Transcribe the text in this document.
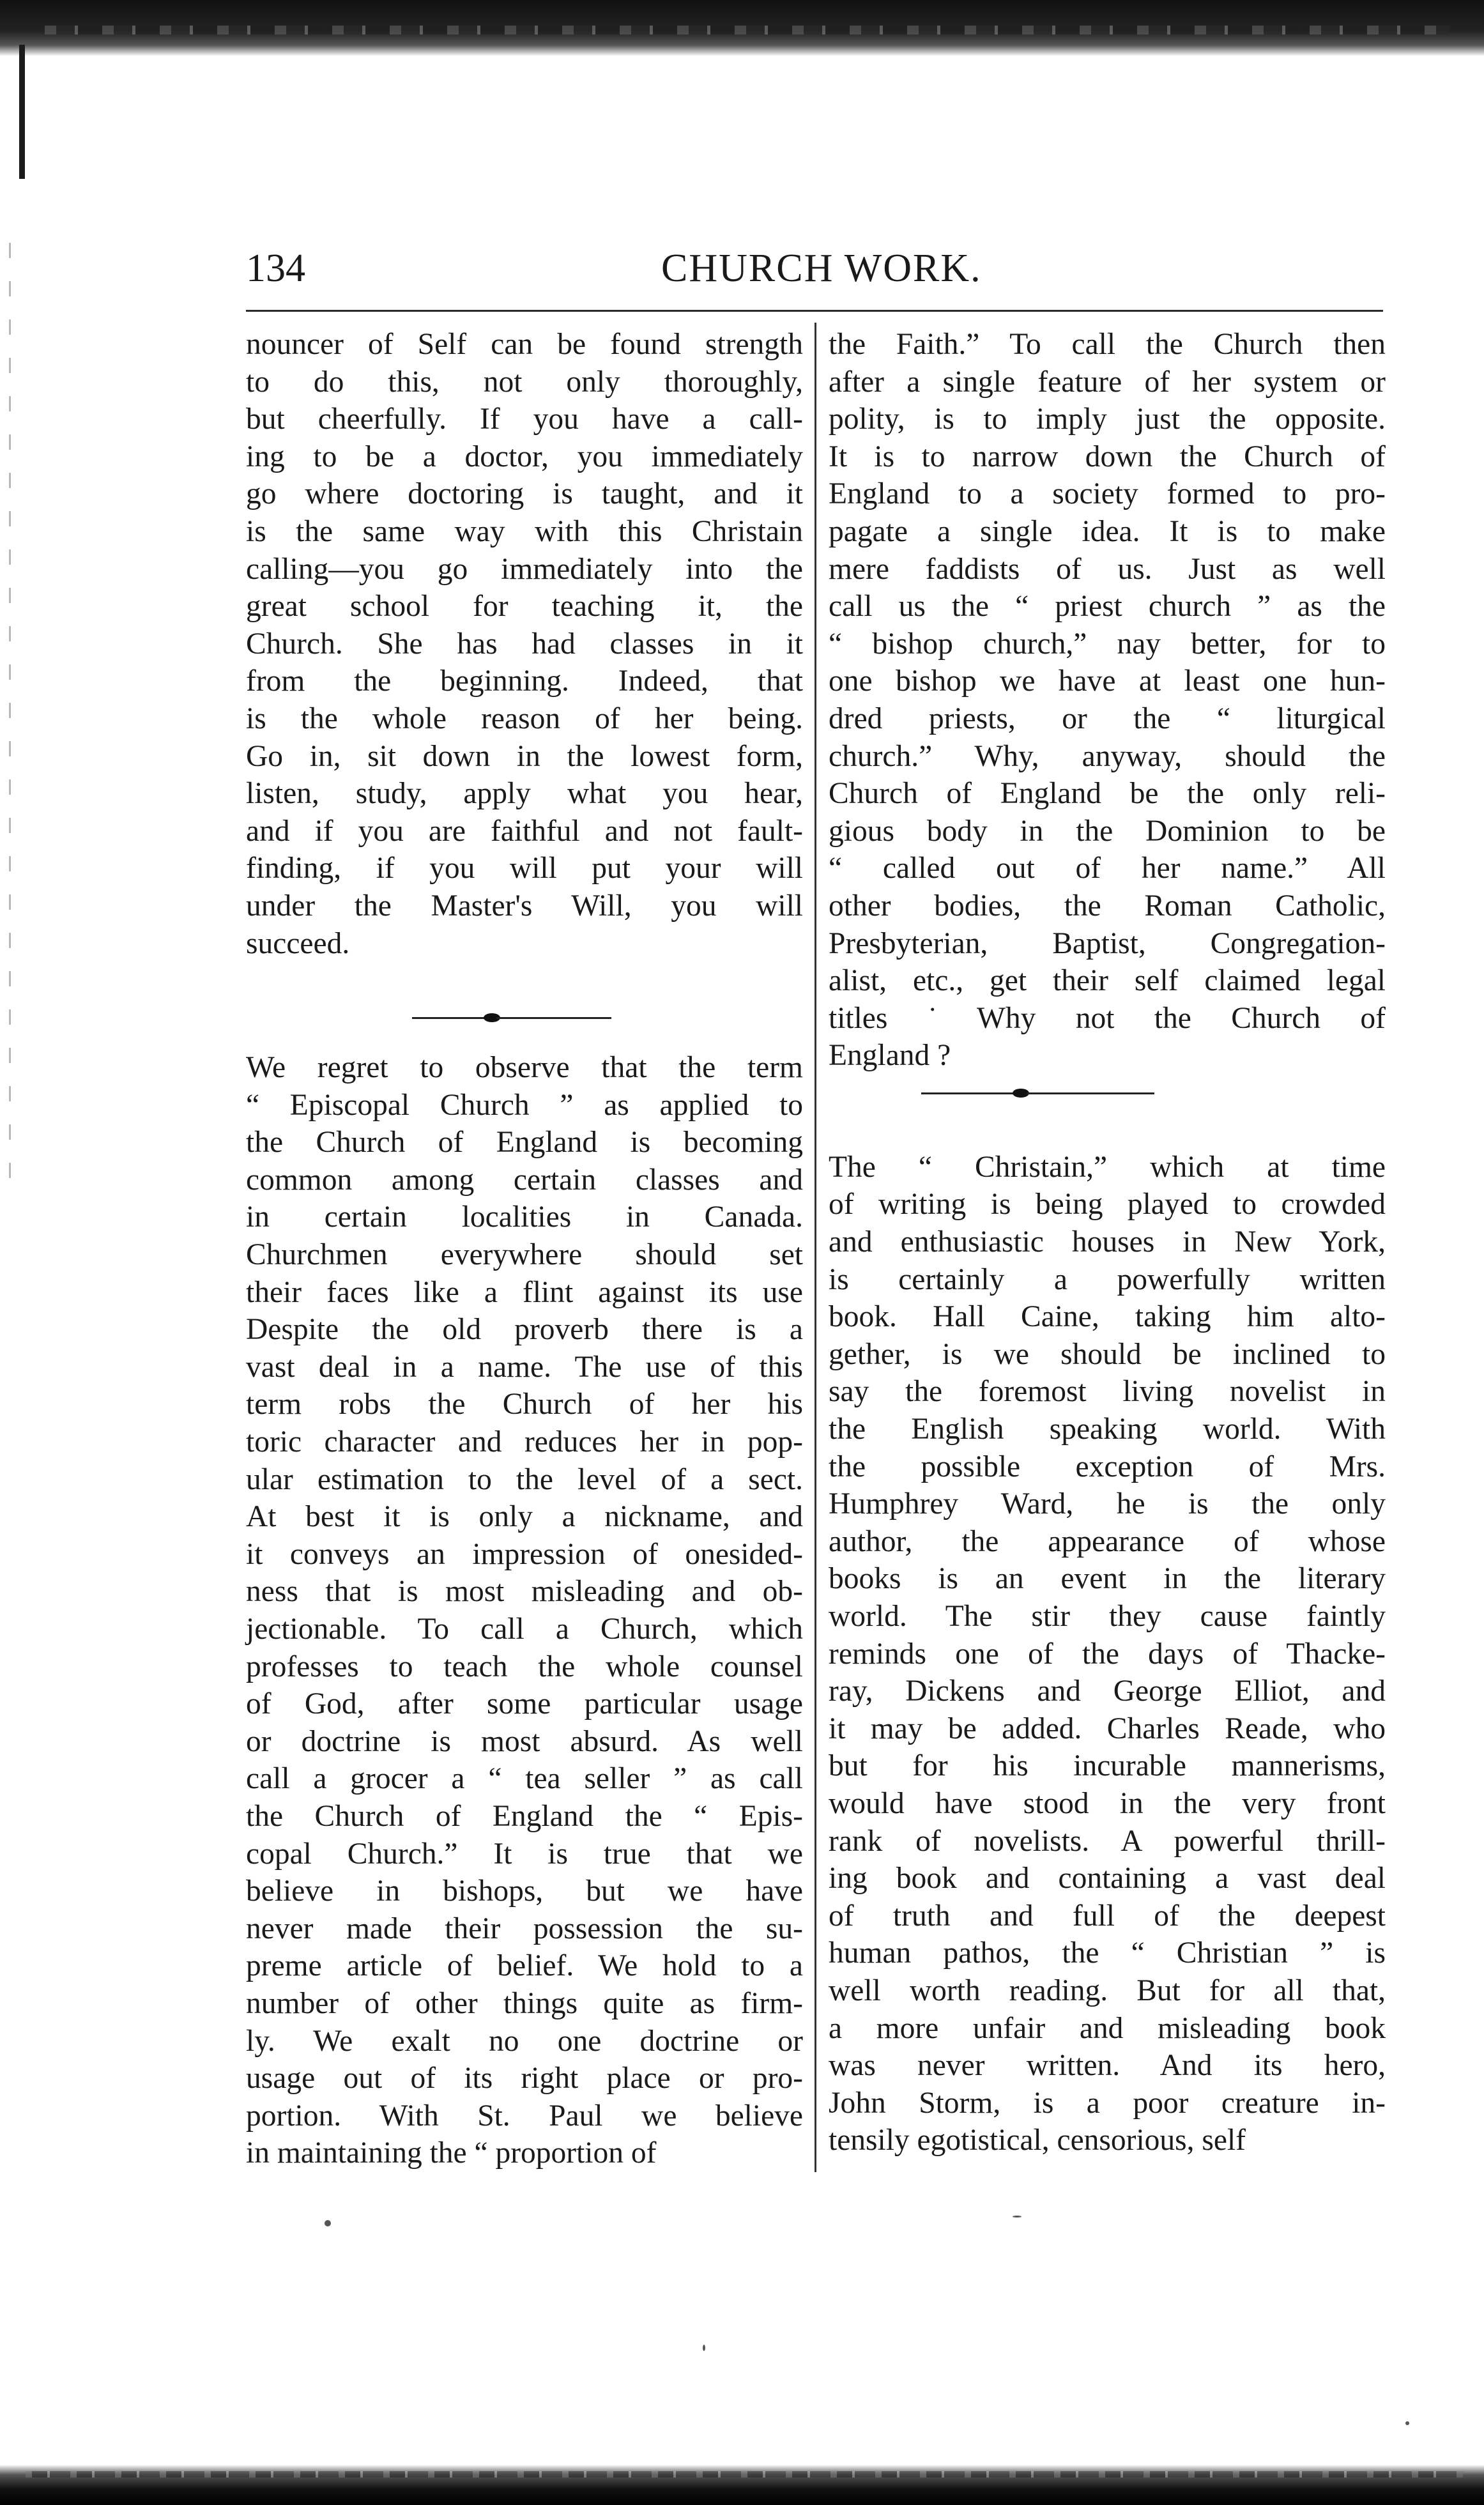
134	CHURCH WORK.

nouncer of Self can be found strength
to do this, not only thoroughly,
but cheerfully. If you have a call-
ing to be a doctor, you immediately
go where doctoring is taught, and it
is the same way with this Christain
calling—you go immediately into the
great school for teaching it, the
Church. She has had classes in it
from the beginning. Indeed, that
is the whole reason of her being.
Go in, sit down in the lowest form,
listen, study, apply what you hear,
and if you are faithful and not fault-
finding, if you will put your will
under the Master's Will, you will
succeed.

We regret to observe that the term
“ Episcopal Church ” as applied to
the Church of England is becoming
common among certain classes and
in certain localities in Canada.
Churchmen everywhere should set
their faces like a flint against its use
Despite the old proverb there is a
vast deal in a name. The use of this
term robs the Church of her his
toric character and reduces her in pop-
ular estimation to the level of a sect.
At best it is only a nickname, and
it conveys an impression of onesided-
ness that is most misleading and ob-
jectionable. To call a Church, which
professes to teach the whole counsel
of God, after some particular usage
or doctrine is most absurd. As well
call a grocer a “ tea seller ” as call
the Church of England the “ Epis-
copal Church.” It is true that we
believe in bishops, but we have
never made their possession the su-
preme article of belief. We hold to a
number of other things quite as firm-
ly. We exalt no one doctrine or
usage out of its right place or pro-
portion. With St. Paul we believe
in maintaining the “ proportion of

the Faith.” To call the Church then
after a single feature of her system or
polity, is to imply just the opposite.
It is to narrow down the Church of
England to a society formed to pro-
pagate a single idea. It is to make
mere faddists of us. Just as well
call us the “ priest church ” as the
“ bishop church,” nay better, for to
one bishop we have at least one hun-
dred priests, or the “ liturgical
church.” Why, anyway, should the
Church of England be the only reli-
gious body in the Dominion to be
“ called out of her name.” All
other bodies, the Roman Catholic,
Presbyterian, Baptist, Congregation-
alist, etc., get their self claimed legal
titles ˙ Why not the Church of
England ?

The “ Christain,” which at time
of writing is being played to crowded
and enthusiastic houses in New York,
is certainly a powerfully written
book. Hall Caine, taking him alto-
gether, is we should be inclined to
say the foremost living novelist in
the English speaking world. With
the possible exception of Mrs.
Humphrey Ward, he is the only
author, the appearance of whose
books is an event in the literary
world. The stir they cause faintly
reminds one of the days of Thacke-
ray, Dickens and George Elliot, and
it may be added. Charles Reade, who
but for his incurable mannerisms,
would have stood in the very front
rank of novelists. A powerful thrill-
ing book and containing a vast deal
of truth and full of the deepest
human pathos, the “ Christian ” is
well worth reading. But for all that,
a more unfair and misleading book
was never written. And its hero,
John Storm, is a poor creature in-
tensily egotistical, censorious, self
